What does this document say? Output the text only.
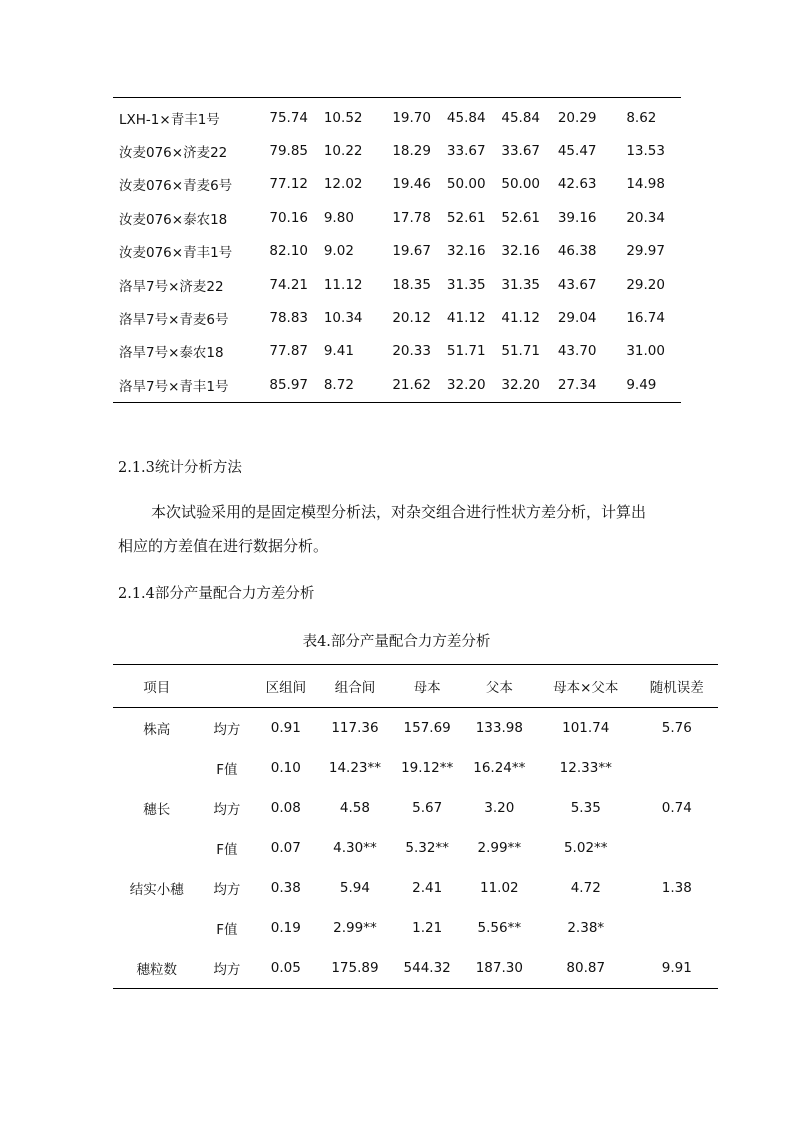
LXH-1×青丰1号	75.74	10.52	19.70	45.84	45.84	20.29	8.62
汝麦076×济麦22	79.85	10.22	18.29	33.67	33.67	45.47	13.53
汝麦076×青麦6号	77.12	12.02	19.46	50.00	50.00	42.63	14.98
汝麦076×泰农18	70.16	9.80	17.78	52.61	52.61	39.16	20.34
汝麦076×青丰1号	82.10	9.02	19.67	32.16	32.16	46.38	29.97
洛旱7号×济麦22	74.21	11.12	18.35	31.35	31.35	43.67	29.20
洛旱7号×青麦6号	78.83	10.34	20.12	41.12	41.12	29.04	16.74
洛旱7号×泰农18	77.87	9.41	20.33	51.71	51.71	43.70	31.00
洛旱7号×青丰1号	85.97	8.72	21.62	32.20	32.20	27.34	9.49
2.1.3统计分析方法
本次试验采用的是固定模型分析法，对杂交组合进行性状方差分析，计算出
相应的方差值在进行数据分析。
2.1.4部分产量配合力方差分析
表4.部分产量配合力方差分析
项目		区组间	组合间	母本	父本	母本×父本	随机误差
株高	均方	0.91	117.36	157.69	133.98	101.74	5.76
	F值	0.10	14.23**	19.12**	16.24**	12.33**	
穗长	均方	0.08	4.58	5.67	3.20	5.35	0.74
	F值	0.07	4.30**	5.32**	2.99**	5.02**	
结实小穗	均方	0.38	5.94	2.41	11.02	4.72	1.38
	F值	0.19	2.99**	1.21	5.56**	2.38*	
穗粒数	均方	0.05	175.89	544.32	187.30	80.87	9.91
